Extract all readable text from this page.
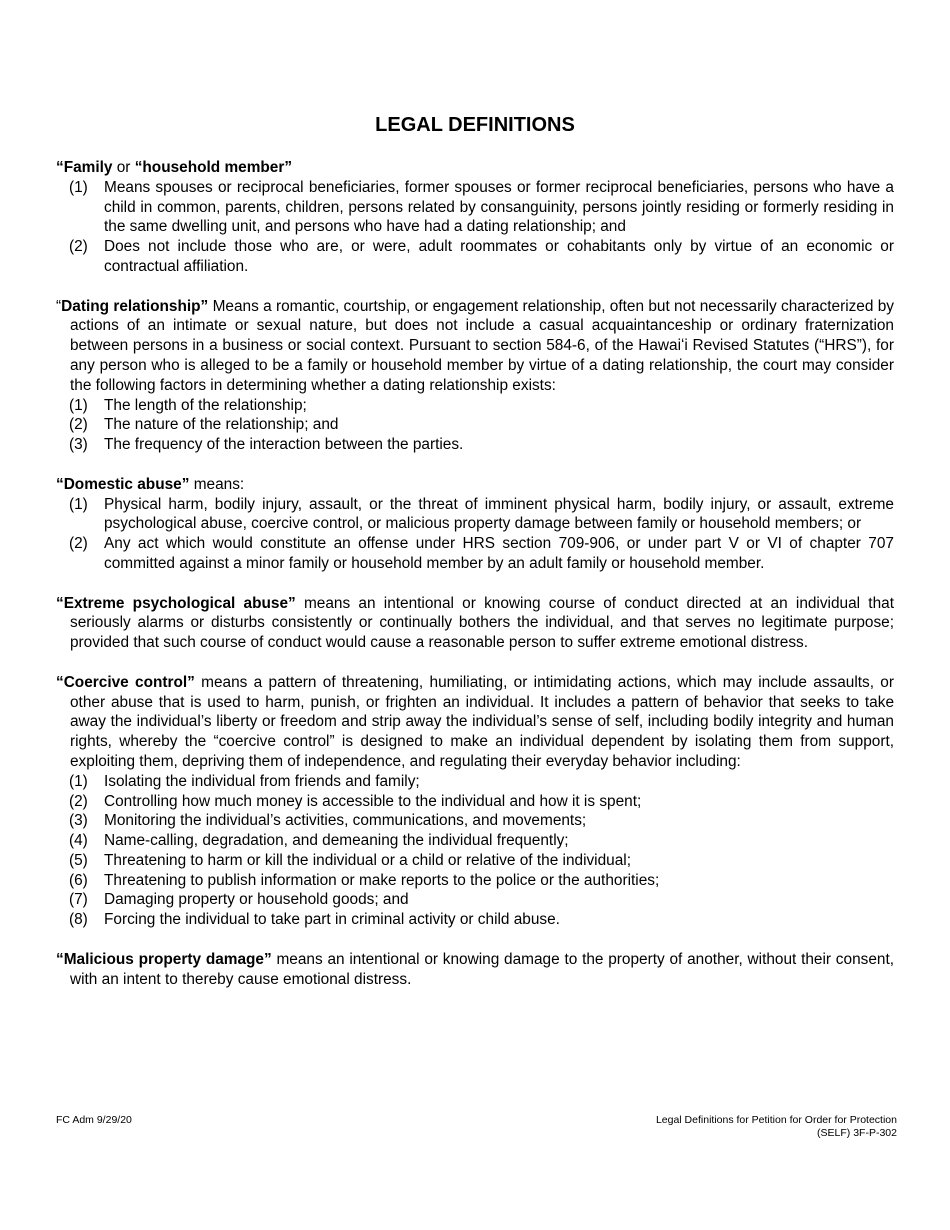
LEGAL DEFINITIONS
“Family or “household member”
(1)	Means spouses or reciprocal beneficiaries, former spouses or former reciprocal beneficiaries, persons who have a child in common, parents, children, persons related by consanguinity, persons jointly residing or formerly residing in the same dwelling unit, and persons who have had a dating relationship; and
(2)	Does not include those who are, or were, adult roommates or cohabitants only by virtue of an economic or contractual affiliation.
“Dating relationship” Means a romantic, courtship, or engagement relationship, often but not necessarily characterized by actions of an intimate or sexual nature, but does not include a casual acquaintanceship or ordinary fraternization between persons in a business or social context. Pursuant to section 584-6, of the Hawaiʻi Revised Statutes (“HRS”), for any person who is alleged to be a family or household member by virtue of a dating relationship, the court may consider the following factors in determining whether a dating relationship exists:
(1)	The length of the relationship;
(2)	The nature of the relationship; and
(3)	The frequency of the interaction between the parties.
“Domestic abuse” means:
(1)	Physical harm, bodily injury, assault, or the threat of imminent physical harm, bodily injury, or assault, extreme psychological abuse, coercive control, or malicious property damage between family or household members; or
(2)	Any act which would constitute an offense under HRS section 709-906, or under part V or VI of chapter 707 committed against a minor family or household member by an adult family or household member.
“Extreme psychological abuse” means an intentional or knowing course of conduct directed at an individual that seriously alarms or disturbs consistently or continually bothers the individual, and that serves no legitimate purpose; provided that such course of conduct would cause a reasonable person to suffer extreme emotional distress.
“Coercive control” means a pattern of threatening, humiliating, or intimidating actions, which may include assaults, or other abuse that is used to harm, punish, or frighten an individual. It includes a pattern of behavior that seeks to take away the individual’s liberty or freedom and strip away the individual’s sense of self, including bodily integrity and human rights, whereby the “coercive control” is designed to make an individual dependent by isolating them from support, exploiting them, depriving them of independence, and regulating their everyday behavior including:
(1)	Isolating the individual from friends and family;
(2)	Controlling how much money is accessible to the individual and how it is spent;
(3)	Monitoring the individual’s activities, communications, and movements;
(4)	Name-calling, degradation, and demeaning the individual frequently;
(5)	Threatening to harm or kill the individual or a child or relative of the individual;
(6)	Threatening to publish information or make reports to the police or the authorities;
(7)	Damaging property or household goods; and
(8)	Forcing the individual to take part in criminal activity or child abuse.
“Malicious property damage” means an intentional or knowing damage to the property of another, without their consent, with an intent to thereby cause emotional distress.
FC Adm 9/29/20	Legal Definitions for Petition for Order for Protection
(SELF) 3F-P-302
